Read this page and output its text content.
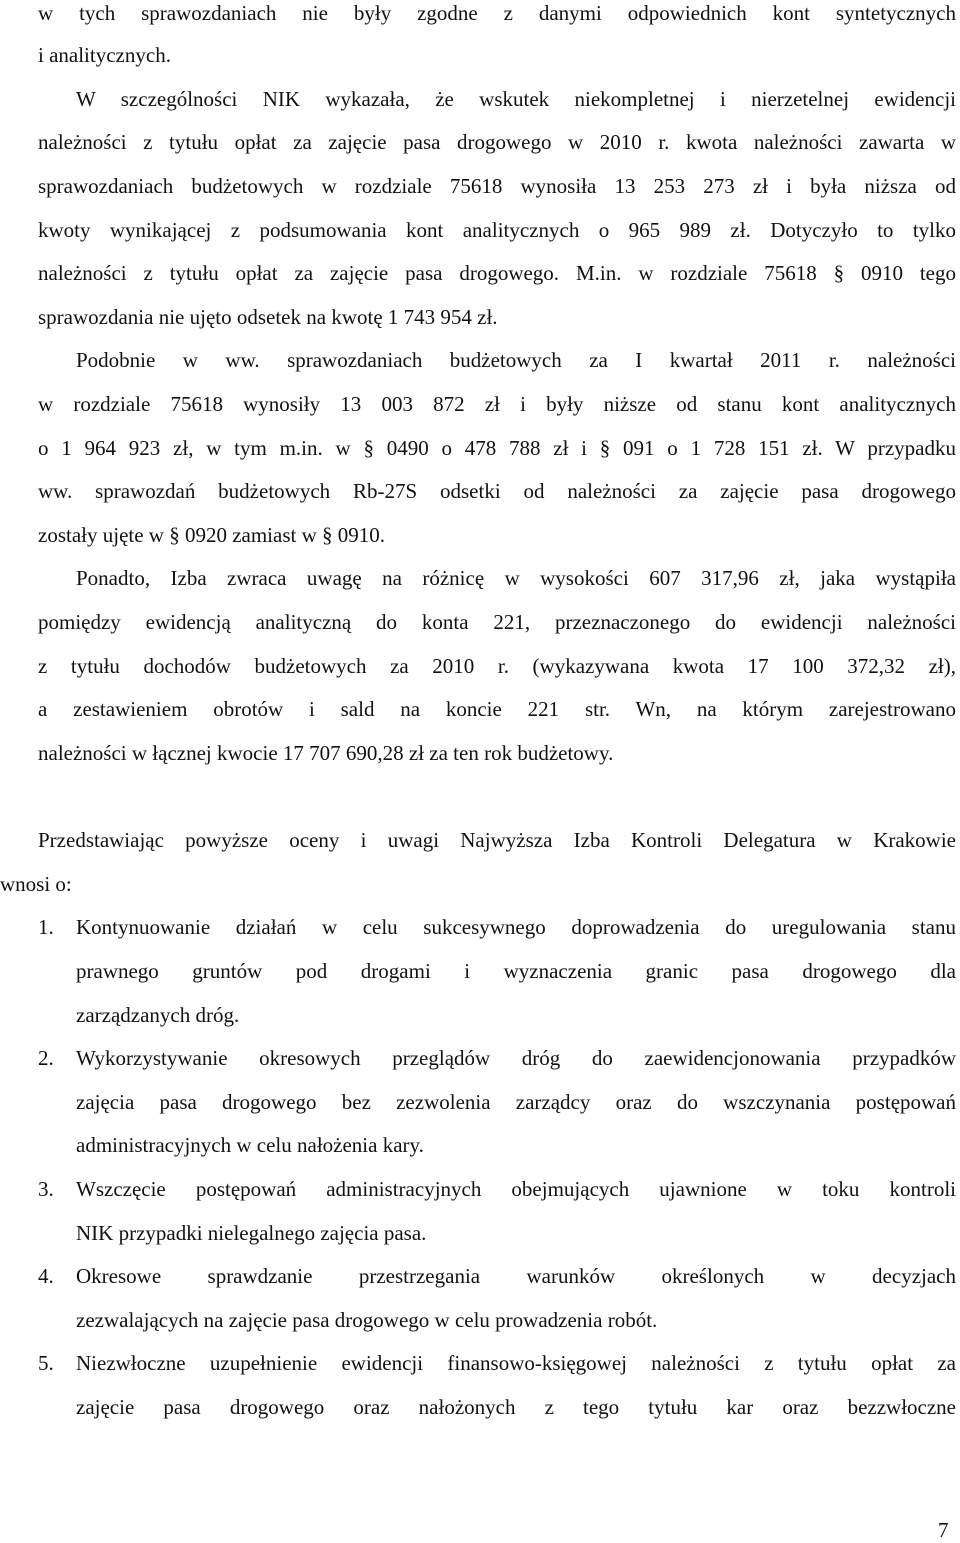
w tych sprawozdaniach nie były zgodne z danymi odpowiednich kont syntetycznych
i analitycznych.
W szczególności NIK wykazała, że wskutek niekompletnej i nierzetelnej ewidencji
należności z tytułu opłat za zajęcie pasa drogowego w 2010 r. kwota należności zawarta w
sprawozdaniach budżetowych w rozdziale 75618 wynosiła 13 253 273 zł i była niższa od
kwoty wynikającej z podsumowania kont analitycznych o 965 989 zł. Dotyczyło to tylko
należności z tytułu opłat za zajęcie pasa drogowego. M.in. w rozdziale 75618 § 0910 tego
sprawozdania nie ujęto odsetek na kwotę 1 743 954 zł.
Podobnie w ww. sprawozdaniach budżetowych za I kwartał 2011 r. należności
w rozdziale 75618 wynosiły 13 003 872 zł i były niższe od stanu kont analitycznych
o 1 964 923 zł, w tym m.in. w § 0490 o 478 788 zł i § 091 o 1 728 151 zł. W przypadku
ww. sprawozdań budżetowych Rb-27S odsetki od należności za zajęcie pasa drogowego
zostały ujęte w § 0920 zamiast w § 0910.
Ponadto, Izba zwraca uwagę na różnicę w wysokości 607 317,96 zł, jaka wystąpiła
pomiędzy ewidencją analityczną do konta 221, przeznaczonego do ewidencji należności
z tytułu dochodów budżetowych za 2010 r. (wykazywana kwota 17 100 372,32 zł),
a zestawieniem obrotów i sald na koncie 221 str. Wn, na którym zarejestrowano
należności w łącznej kwocie 17 707 690,28 zł za ten rok budżetowy.
Przedstawiając powyższe oceny i uwagi Najwyższa Izba Kontroli Delegatura w Krakowie
wnosi o:
1. Kontynuowanie działań w celu sukcesywnego doprowadzenia do uregulowania stanu
prawnego gruntów pod drogami i wyznaczenia granic pasa drogowego dla
zarządzanych dróg.
2. Wykorzystywanie okresowych przeglądów dróg do zaewidencjonowania przypadków
zajęcia pasa drogowego bez zezwolenia zarządcy oraz do wszczynania postępowań
administracyjnych w celu nałożenia kary.
3. Wszczęcie postępowań administracyjnych obejmujących ujawnione w toku kontroli
NIK przypadki nielegalnego zajęcia pasa.
4. Okresowe sprawdzanie przestrzegania warunków określonych w decyzjach
zezwalających na zajęcie pasa drogowego w celu prowadzenia robót.
5. Niezwłoczne uzupełnienie ewidencji finansowo-księgowej należności z tytułu opłat za
zajęcie pasa drogowego oraz nałożonych z tego tytułu kar oraz bezzwłoczne
7
